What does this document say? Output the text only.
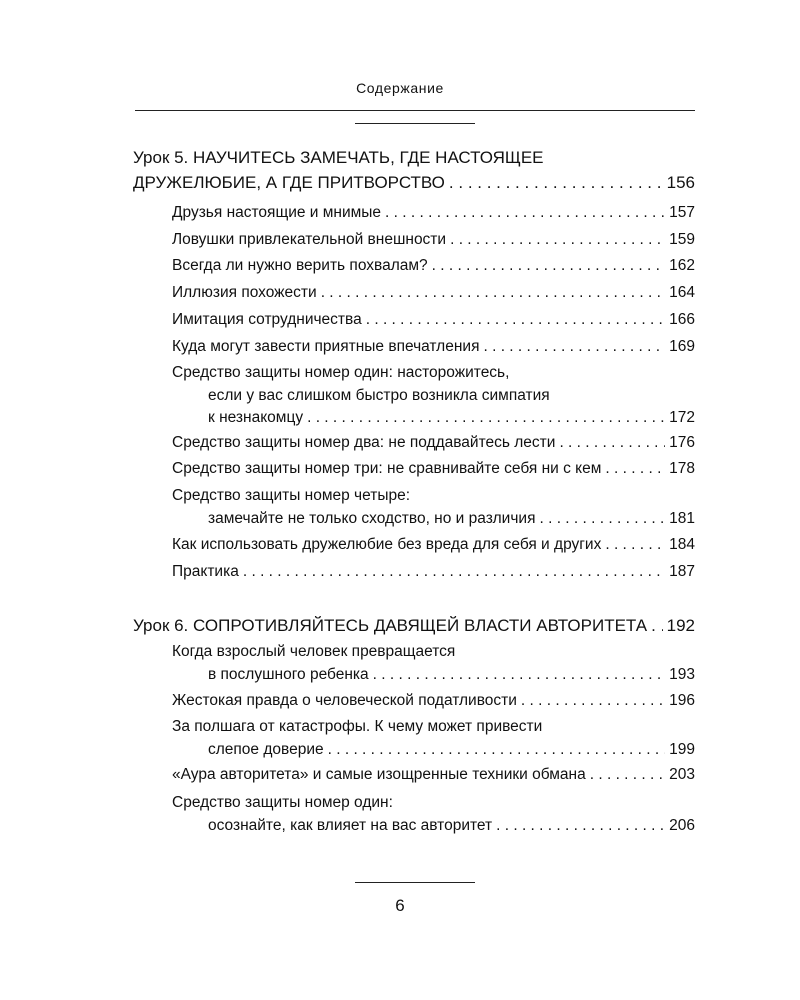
Содержание
Урок 5. НАУЧИТЕСЬ ЗАМЕЧАТЬ, ГДЕ НАСТОЯЩЕЕ
ДРУЖЕЛЮБИЕ, А ГДЕ ПРИТВОРСТВО . . .	156
Друзья настоящие и мнимые . . .	157
Ловушки привлекательной внешности . . .	159
Всегда ли нужно верить похвалам? . . .	162
Иллюзия похожести . . .	164
Имитация сотрудничества . . .	166
Куда могут завести приятные впечатления . . .	169
Средство защиты номер один: насторожитесь,
если у вас слишком быстро возникла симпатия
к незнакомцу . . .	172
Средство защиты номер два: не поддавайтесь лести . . .	176
Средство защиты номер три: не сравнивайте себя ни с кем . . .	178
Средство защиты номер четыре:
замечайте не только сходство, но и различия . . .	181
Как использовать дружелюбие без вреда для себя и других . . .	184
Практика . . .	187
Урок 6. СОПРОТИВЛЯЙТЕСЬ ДАВЯЩЕЙ ВЛАСТИ АВТОРИТЕТА . . . 192
Когда взрослый человек превращается
в послушного ребенка . . .	193
Жестокая правда о человеческой податливости . . .	196
За полшага от катастрофы. К чему может привести
слепое доверие . . .	199
«Аура авторитета» и самые изощренные техники обмана . . .	203
Средство защиты номер один:
осознайте, как влияет на вас авторитет . . .	206
6
